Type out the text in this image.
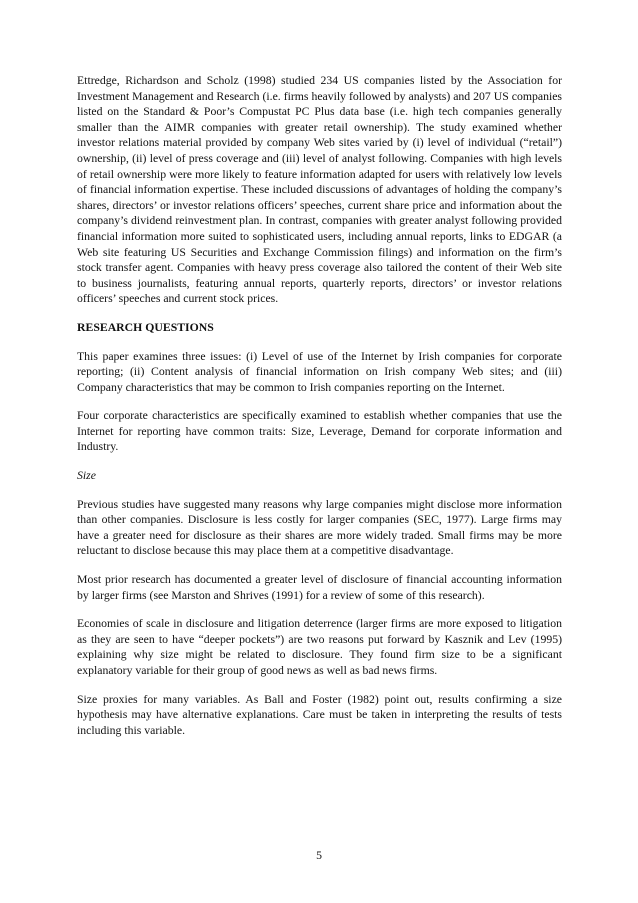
Ettredge, Richardson and Scholz (1998) studied 234 US companies listed by the Association for Investment Management and Research (i.e. firms heavily followed by analysts) and 207 US companies listed on the Standard & Poor’s Compustat PC Plus data base (i.e. high tech companies generally smaller than the AIMR companies with greater retail ownership). The study examined whether investor relations material provided by company Web sites varied by (i) level of individual (“retail”) ownership, (ii) level of press coverage and (iii) level of analyst following. Companies with high levels of retail ownership were more likely to feature information adapted for users with relatively low levels of financial information expertise. These included discussions of advantages of holding the company’s shares, directors’ or investor relations officers’ speeches, current share price and information about the company’s dividend reinvestment plan. In contrast, companies with greater analyst following provided financial information more suited to sophisticated users, including annual reports, links to EDGAR (a Web site featuring US Securities and Exchange Commission filings) and information on the firm’s stock transfer agent. Companies with heavy press coverage also tailored the content of their Web site to business journalists, featuring annual reports, quarterly reports, directors’ or investor relations officers’ speeches and current stock prices.

RESEARCH QUESTIONS

This paper examines three issues: (i) Level of use of the Internet by Irish companies for corporate reporting; (ii) Content analysis of financial information on Irish company Web sites; and (iii) Company characteristics that may be common to Irish companies reporting on the Internet.

Four corporate characteristics are specifically examined to establish whether companies that use the Internet for reporting have common traits: Size, Leverage, Demand for corporate information and Industry.

Size

Previous studies have suggested many reasons why large companies might disclose more information than other companies. Disclosure is less costly for larger companies (SEC, 1977). Large firms may have a greater need for disclosure as their shares are more widely traded. Small firms may be more reluctant to disclose because this may place them at a competitive disadvantage.

Most prior research has documented a greater level of disclosure of financial accounting information by larger firms (see Marston and Shrives (1991) for a review of some of this research).

Economies of scale in disclosure and litigation deterrence (larger firms are more exposed to litigation as they are seen to have “deeper pockets”) are two reasons put forward by Kasznik and Lev (1995) explaining why size might be related to disclosure. They found firm size to be a significant explanatory variable for their group of good news as well as bad news firms.

Size proxies for many variables. As Ball and Foster (1982) point out, results confirming a size hypothesis may have alternative explanations. Care must be taken in interpreting the results of tests including this variable.

5
